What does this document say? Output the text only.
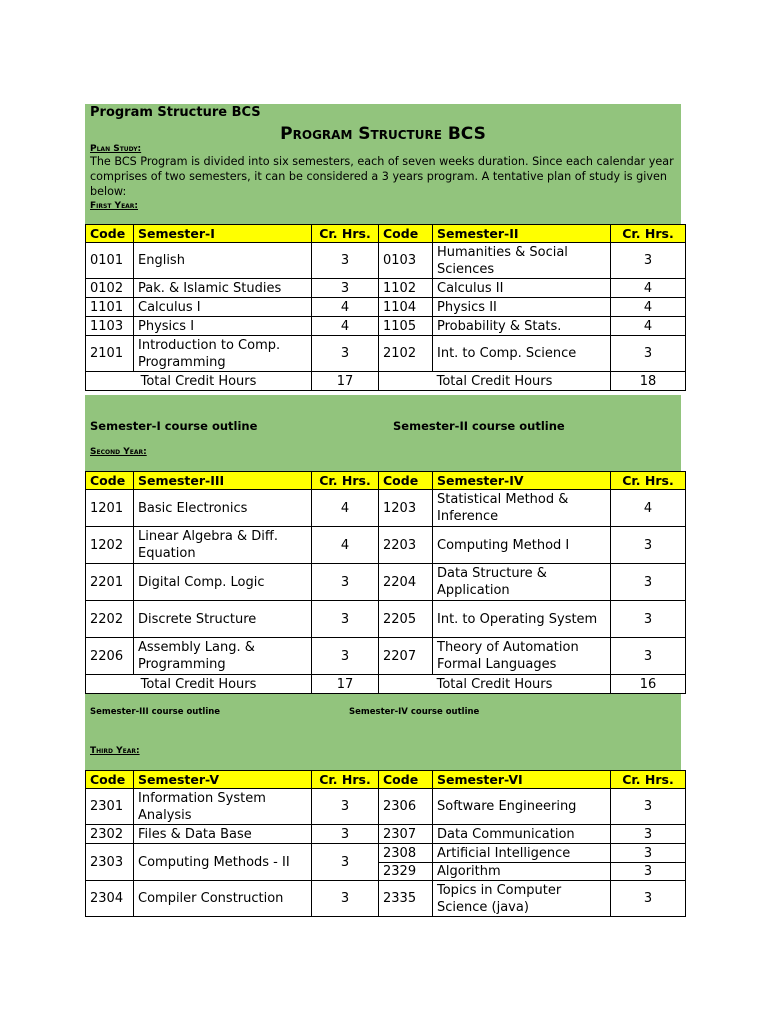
Program Structure BCS
Program Structure BCS
Plan Study:
The BCS Program is divided into six semesters, each of seven weeks duration. Since each calendar year comprises of two semesters, it can be considered a 3 years program. A tentative plan of study is given below:
First Year:
Code	Semester-I	Cr. Hrs.	Code	Semester-II	Cr. Hrs.
0101	English	3	0103	Humanities & Social Sciences	3
0102	Pak. & Islamic Studies	3	1102	Calculus II	4
1101	Calculus I	4	1104	Physics II	4
1103	Physics I	4	1105	Probability & Stats.	4
2101	Introduction to Comp. Programming	3	2102	Int. to Comp. Science	3
Total Credit Hours		17	Total Credit Hours		18
Semester-I course outline	Semester-II course outline
Second Year:
Code	Semester-III	Cr. Hrs.	Code	Semester-IV	Cr. Hrs.
1201	Basic Electronics	4	1203	Statistical Method & Inference	4
1202	Linear Algebra & Diff. Equation	4	2203	Computing Method I	3
2201	Digital Comp. Logic	3	2204	Data Structure & Application	3
2202	Discrete Structure	3	2205	Int. to Operating System	3
2206	Assembly Lang. & Programming	3	2207	Theory of Automation Formal Languages	3
Total Credit Hours		17	Total Credit Hours		16
Semester-III course outline	Semester-IV course outline
Third Year:
Code	Semester-V	Cr. Hrs.	Code	Semester-VI	Cr. Hrs.
2301	Information System Analysis	3	2306	Software Engineering	3
2302	Files & Data Base	3	2307	Data Communication	3
2303	Computing Methods - II	3	2308	Artificial Intelligence	3
			2329	Algorithm	3
2304	Compiler Construction	3	2335	Topics in Computer Science (java)	3
